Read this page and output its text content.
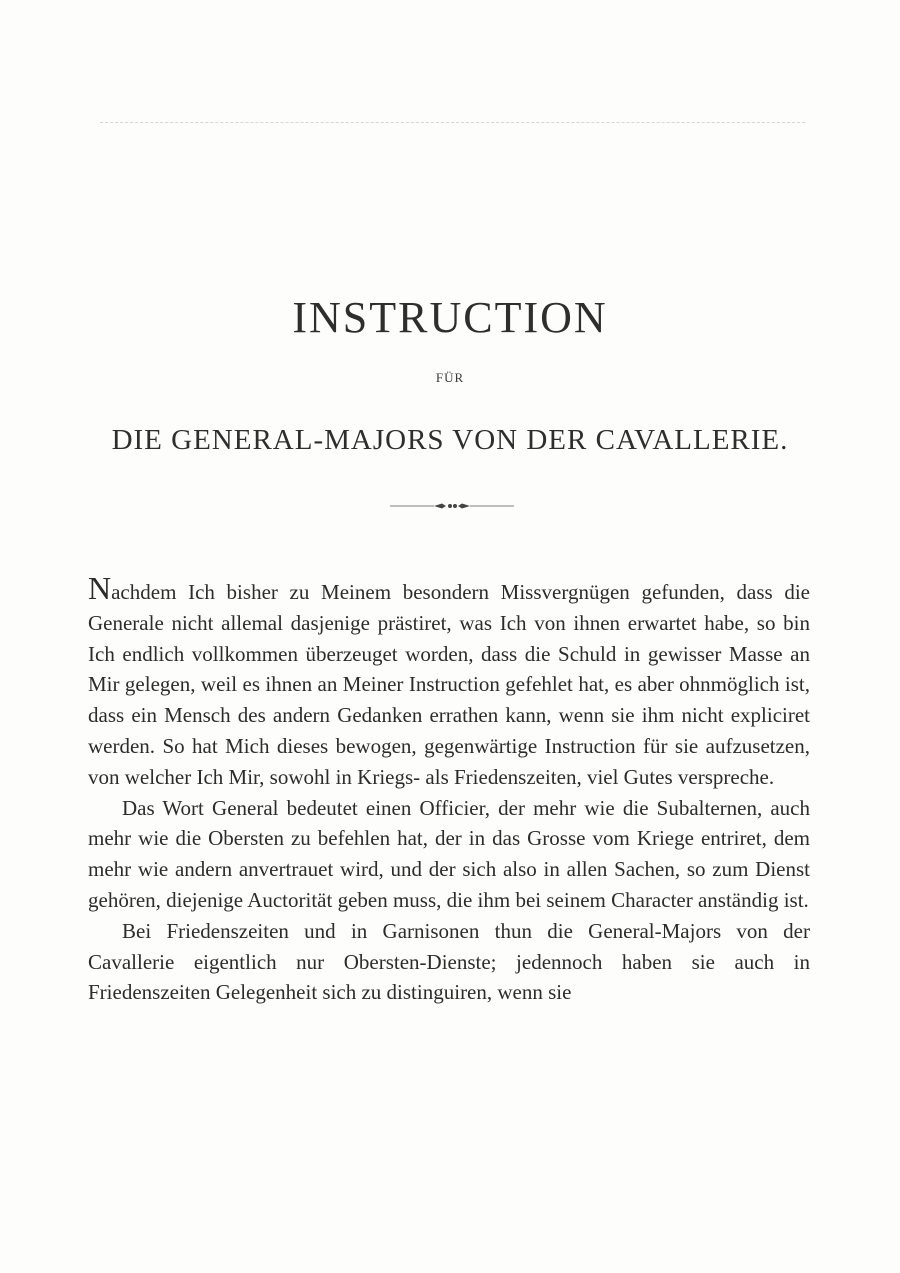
INSTRUCTION
FÜR
DIE GENERAL-MAJORS VON DER CAVALLERIE.

Nachdem Ich bisher zu Meinem besondern Missvergnügen gefunden, dass die Generale nicht allemal dasjenige prästiret, was Ich von ihnen erwartet habe, so bin Ich endlich vollkommen überzeuget worden, dass die Schuld in gewisser Masse an Mir gelegen, weil es ihnen an Meiner Instruction gefehlet hat, es aber ohnmöglich ist, dass ein Mensch des andern Gedanken errathen kann, wenn sie ihm nicht expliciret werden. So hat Mich dieses bewogen, gegenwärtige Instruction für sie aufzusetzen, von welcher Ich Mir, sowohl in Kriegs- als Friedenszeiten, viel Gutes verspreche.

Das Wort General bedeutet einen Officier, der mehr wie die Subalternen, auch mehr wie die Obersten zu befehlen hat, der in das Grosse vom Kriege entriret, dem mehr wie andern anvertrauet wird, und der sich also in allen Sachen, so zum Dienst gehören, diejenige Auctorität geben muss, die ihm bei seinem Character anständig ist.

Bei Friedenszeiten und in Garnisonen thun die General-Majors von der Cavallerie eigentlich nur Obersten-Dienste; jedennoch haben sie auch in Friedenszeiten Gelegenheit sich zu distinguiren, wenn sie
